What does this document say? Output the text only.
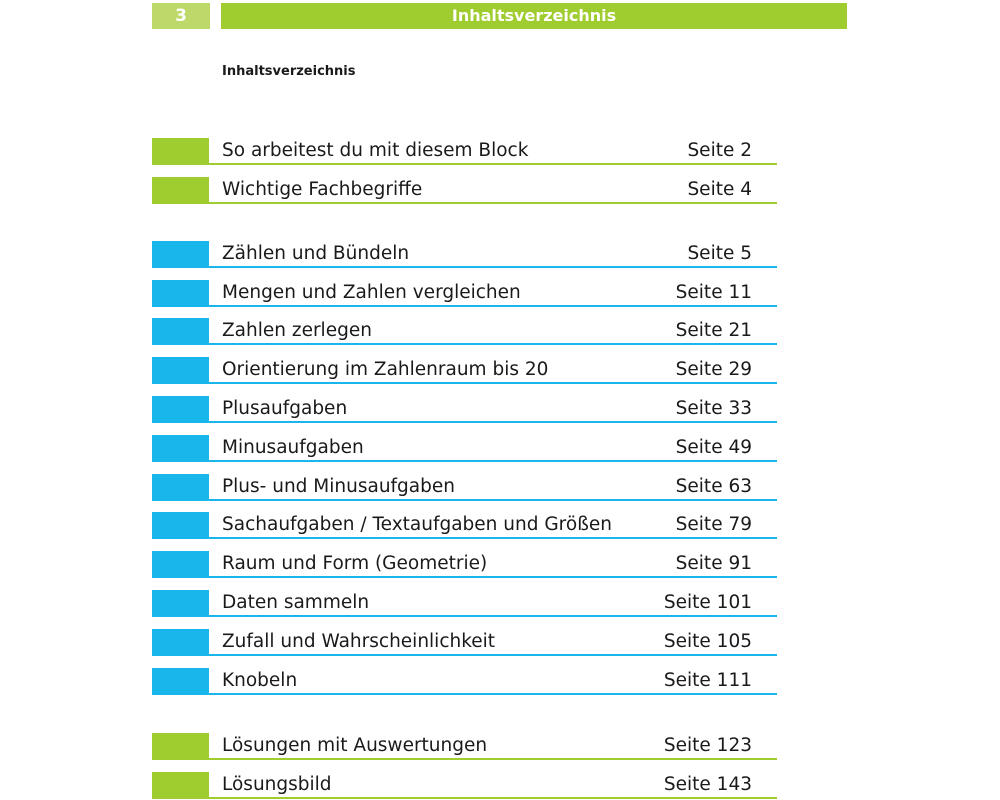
3	Inhaltsverzeichnis
Inhaltsverzeichnis
So arbeitest du mit diesem Block	Seite 2
Wichtige Fachbegriffe	Seite 4
Zählen und Bündeln	Seite 5
Mengen und Zahlen vergleichen	Seite 11
Zahlen zerlegen	Seite 21
Orientierung im Zahlenraum bis 20	Seite 29
Plusaufgaben	Seite 33
Minusaufgaben	Seite 49
Plus- und Minusaufgaben	Seite 63
Sachaufgaben / Textaufgaben und Größen	Seite 79
Raum und Form (Geometrie)	Seite 91
Daten sammeln	Seite 101
Zufall und Wahrscheinlichkeit	Seite 105
Knobeln	Seite 111
Lösungen mit Auswertungen	Seite 123
Lösungsbild	Seite 143
